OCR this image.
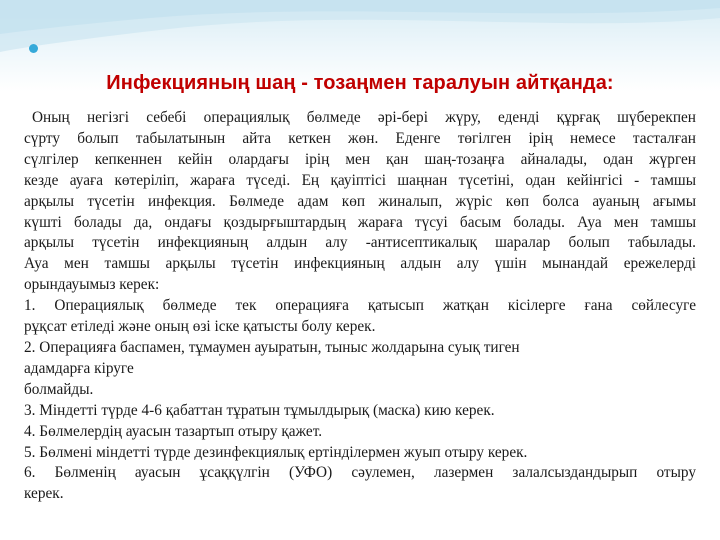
Инфекцияның шаң - тозаңмен таралуын айтқанда:
Оның негізгі себебі операциялық бөлмеде әрі-бері жүру, еденді құрғақ шүберекпен
сүрту болып табылатынын айта кеткен жөн. Еденге төгілген ірің немесе тасталған
сүлгілер кепкеннен кейін олардағы ірің мен қан шаң-тозаңға айналады, одан жүрген
кезде ауаға көтеріліп, жараға түседі. Ең қауіптісі шаңнан түсетіні, одан кейінгісі - тамшы
арқылы түсетін инфекция. Бөлмеде адам көп жиналып, жүріс көп болса ауаның ағымы
күшті болады да, ондағы қоздырғыштардың жараға түсуі басым болады. Ауа мен тамшы
арқылы түсетін инфекцияның алдын алу -антисептикалық шаралар болып табылады.
Ауа мен тамшы арқылы түсетін инфекцияның алдын алу үшін мынандай ережелерді
орындауымыз керек:
1. Операциялық бөлмеде тек операцияға қатысып жатқан кісілерге ғана сөйлесуге
рұқсат етіледі және оның өзі іске қатысты болу керек.
2. Операцияға баспамен, тұмаумен ауыратын, тыныс жолдарына суық тиген
адамдарға кіруге
болмайды.
3. Міндетті түрде 4-6 қабаттан тұратын тұмылдырық (маска) кию керек.
4. Бөлмелердің ауасын тазартып отыру қажет.
5. Бөлмені міндетті түрде дезинфекциялық ертінділермен жуып отыру керек.
6. Бөлменің ауасын ұсаққүлгін (УФО) сәулемен, лазермен залалсыздандырып отыру
керек.
